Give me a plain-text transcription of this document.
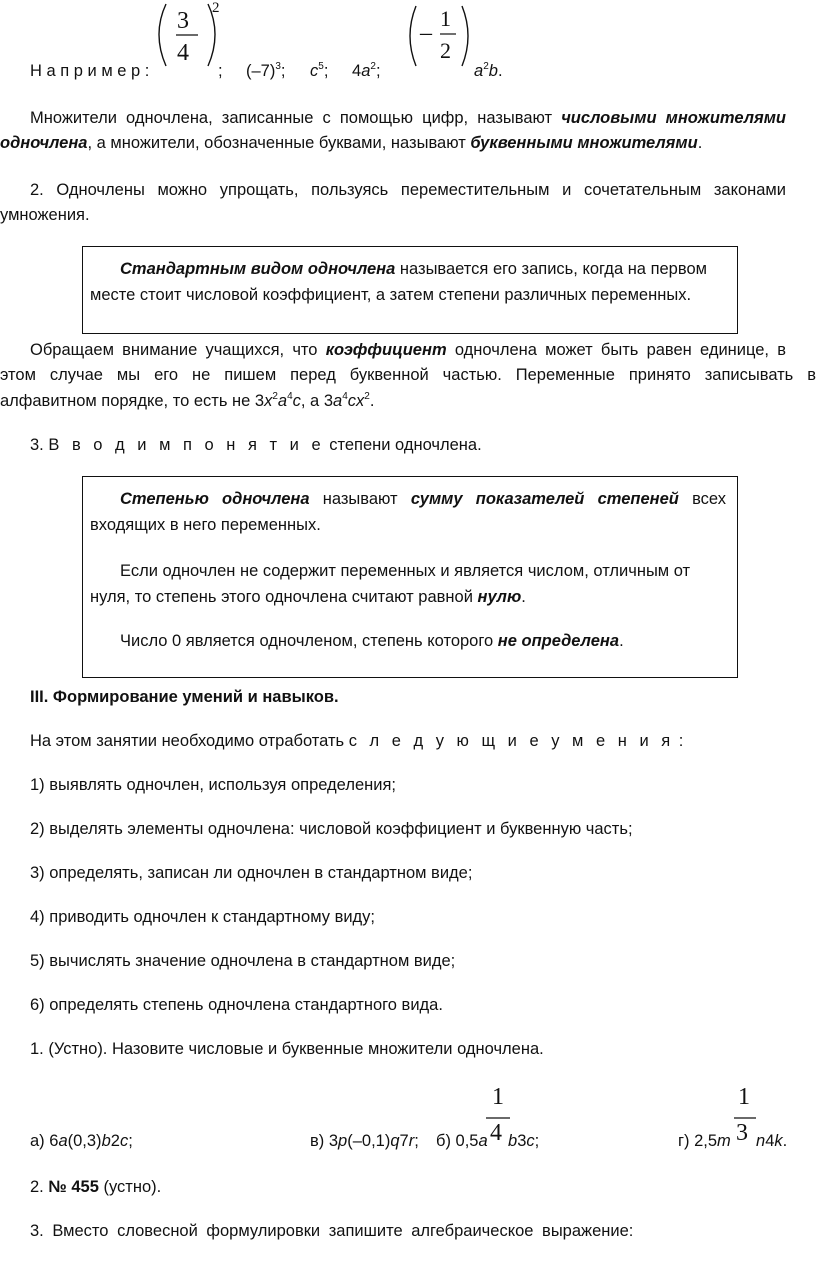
Н а п р и м е р :
3
4
2
; $(-7)^3$; $c^5$; $4a^2$;
–
1
2
$a^2b$.
Множители одночлена, записанные с помощью цифр, называют числовыми множителями
одночлена, а множители, обозначенные буквами, называют буквенными множителями.
2. Одночлены можно упрощать, пользуясь переместительным и сочетательным законами
умножения.
Стандартным видом одночлена называется его запись, когда на первом
месте стоит числовой коэффициент, а затем степени различных переменных.
Обращаем внимание учащихся, что коэффициент одночлена может быть равен единице, в
этом случае мы его не пишем перед буквенной частью. Переменные принято записывать в
алфавитном порядке, то есть не $3x^2a^4c$, а $3a^4cx^2$.
3. В в о д и м п о н я т и е степени одночлена.
Степенью одночлена называют сумму показателей степеней всех
входящих в него переменных.
Если одночлен не содержит переменных и является числом, отличным от
нуля, то степень этого одночлена считают равной нулю.
Число 0 является одночленом, степень которого не определена.
III. Формирование умений и навыков.
На этом занятии необходимо отработать с л е д у ю щ и е у м е н и я :
1) выявлять одночлен, используя определения;
2) выделять элементы одночлена: числовой коэффициент и буквенную часть;
3) определять, записан ли одночлен в стандартном виде;
4) приводить одночлен к стандартному виду;
5) вычислять значение одночлена в стандартном виде;
6) определять степень одночлена стандартного вида.
1. (Устно). Назовите числовые и буквенные множители одночлена.
а) 6a(0,3)b2c;	в) 3p(–0,1)q7r; б) 0,5a
1
4 b3c;	г) 2,5m
1
3 n4k.
2. № 455 (устно).
3. Вместо словесной формулировки запишите алгебраическое выражение:
